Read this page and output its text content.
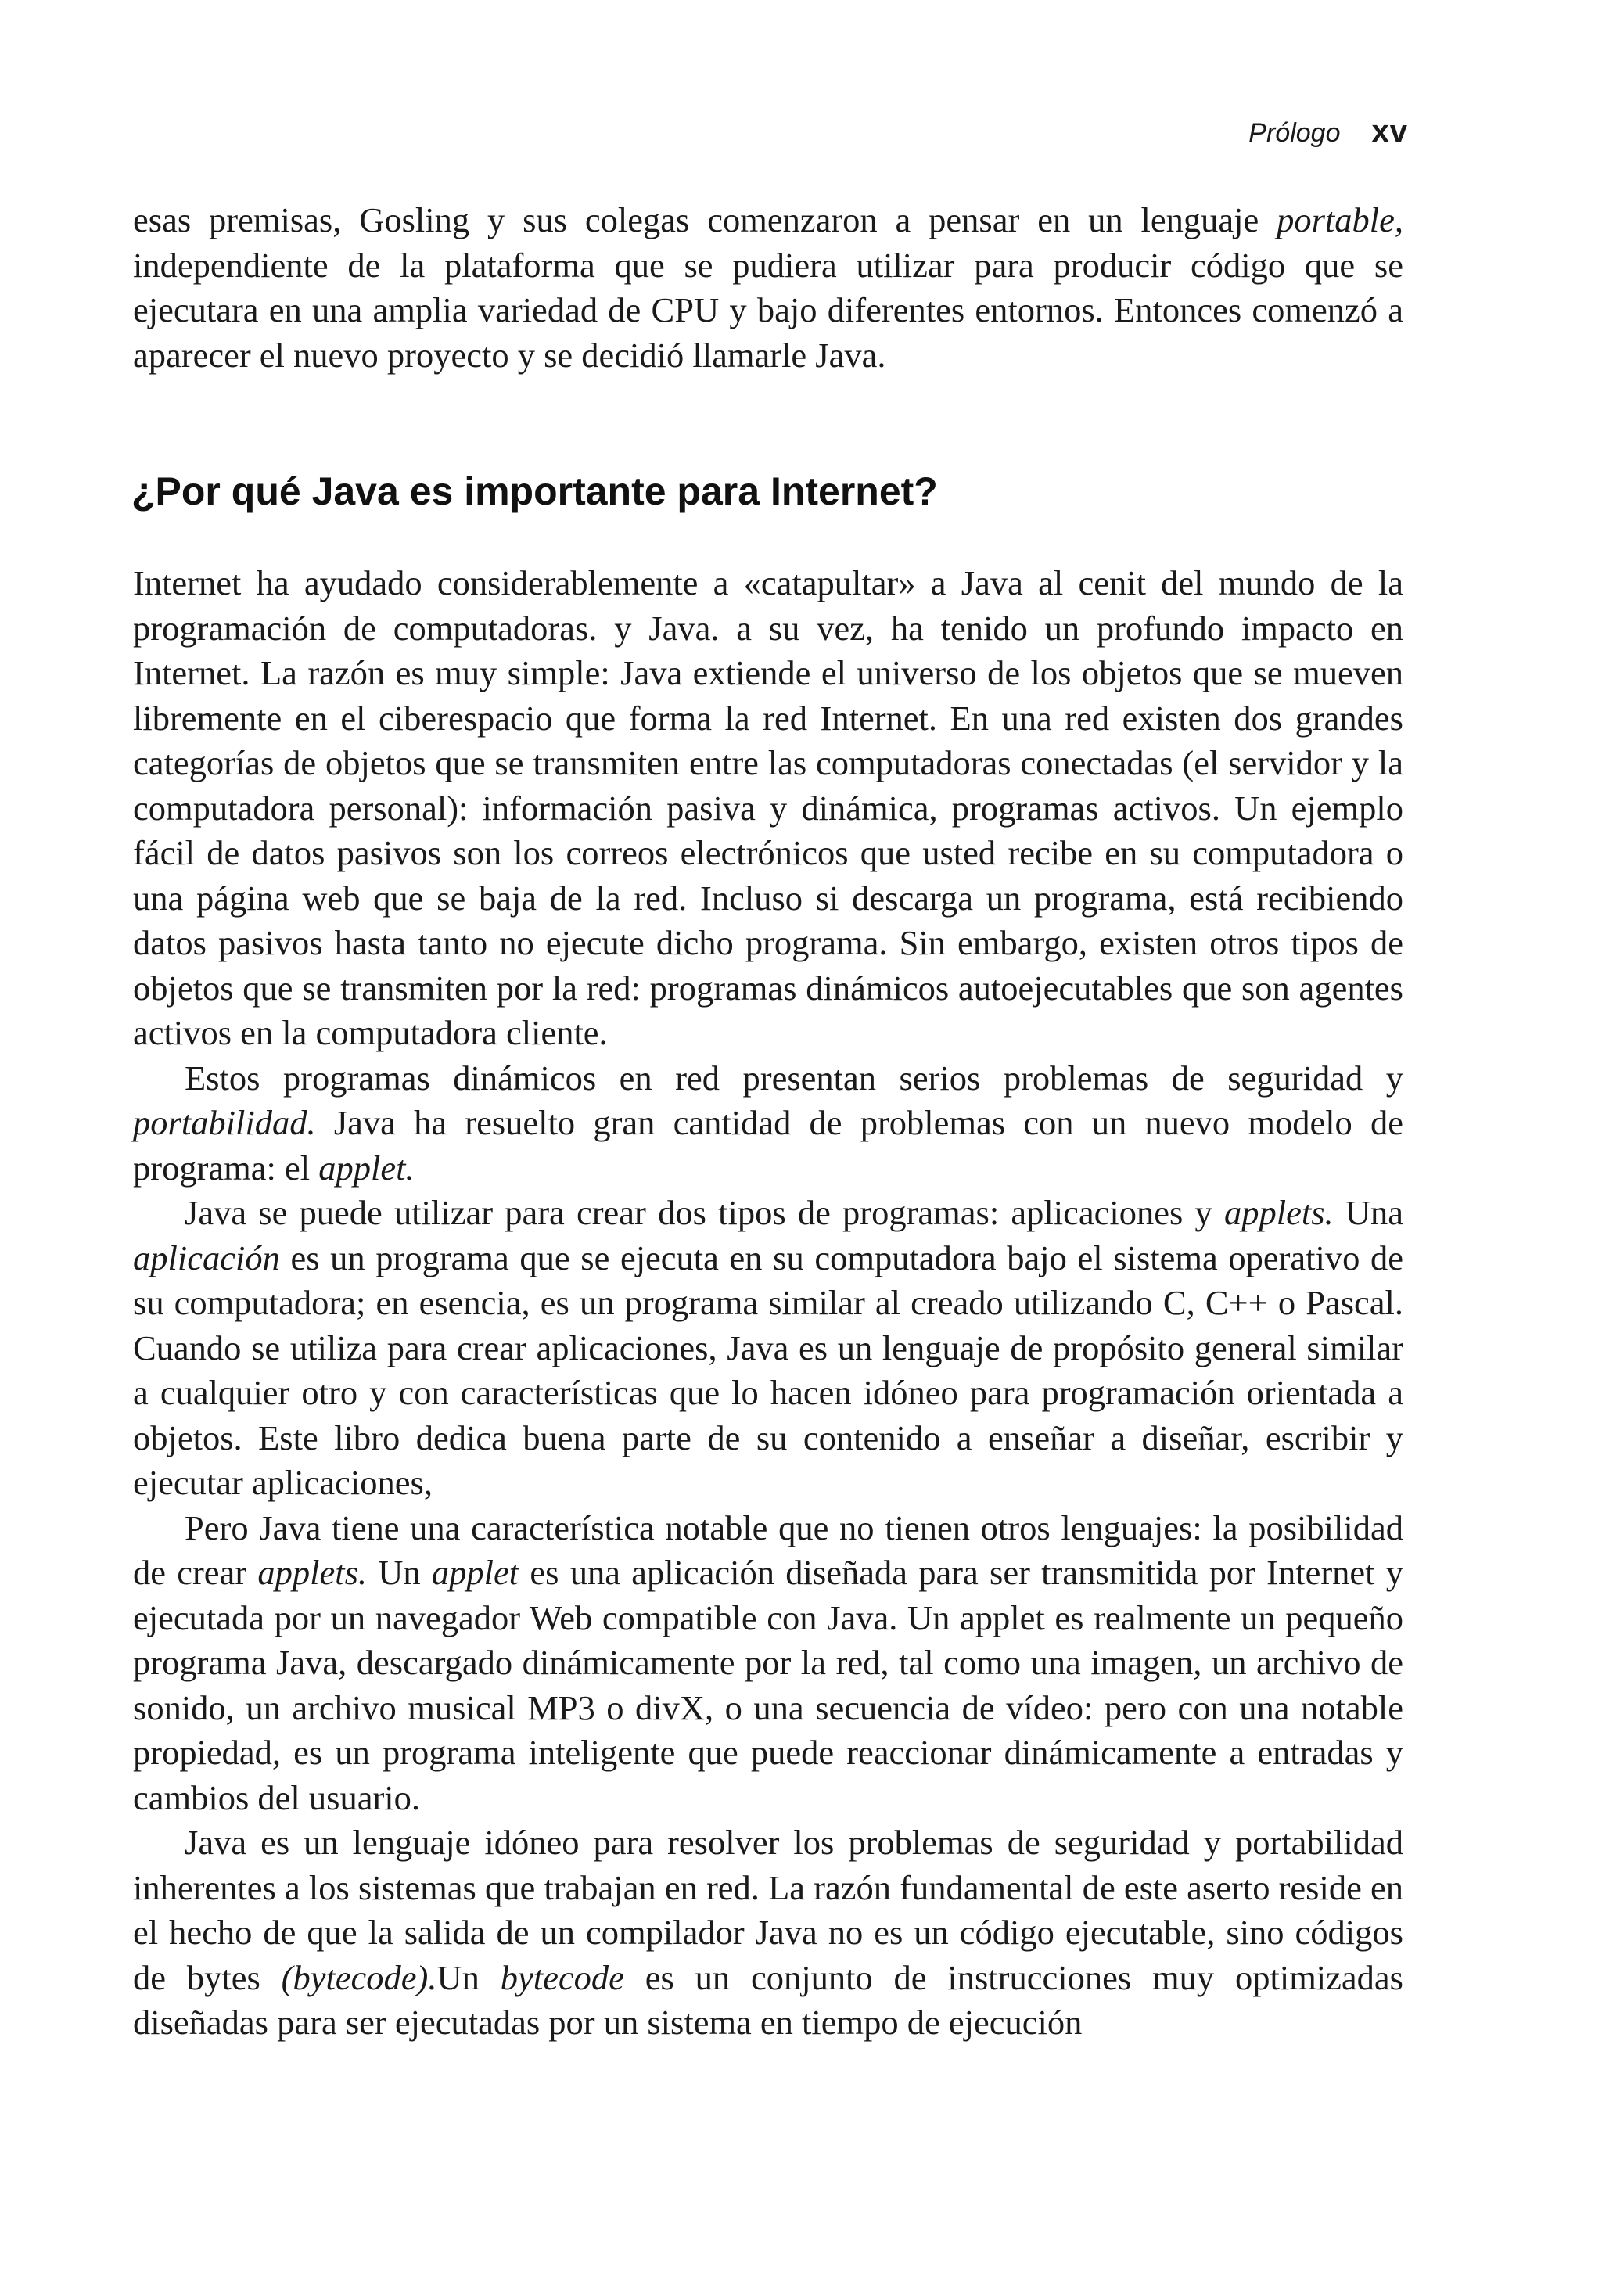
Prólogo xv

esas premisas, Gosling y sus colegas comenzaron a pensar en un lenguaje portable, independiente de la plataforma que se pudiera utilizar para producir código que se ejecutara en una amplia variedad de CPU y bajo diferentes entornos. Entonces comenzó a aparecer el nuevo proyecto y se decidió llamarle Java.

¿Por qué Java es importante para Internet?

Internet ha ayudado considerablemente a «catapultar» a Java al cenit del mundo de la programación de computadoras. y Java. a su vez, ha tenido un profundo impacto en Internet. La razón es muy simple: Java extiende el universo de los objetos que se mueven libremente en el ciberespacio que forma la red Internet. En una red existen dos grandes categorías de objetos que se transmiten entre las computadoras conectadas (el servidor y la computadora personal): información pasiva y dinámica, programas activos. Un ejemplo fácil de datos pasivos son los correos electrónicos que usted recibe en su computadora o una página web que se baja de la red. Incluso si descarga un programa, está recibiendo datos pasivos hasta tanto no ejecute dicho programa. Sin embargo, existen otros tipos de objetos que se transmiten por la red: programas dinámicos autoejecutables que son agentes activos en la computadora cliente.

Estos programas dinámicos en red presentan serios problemas de seguridad y portabilidad. Java ha resuelto gran cantidad de problemas con un nuevo modelo de programa: el applet.

Java se puede utilizar para crear dos tipos de programas: aplicaciones y applets. Una aplicación es un programa que se ejecuta en su computadora bajo el sistema operativo de su computadora; en esencia, es un programa similar al creado utilizando C, C++ o Pascal. Cuando se utiliza para crear aplicaciones, Java es un lenguaje de propósito general similar a cualquier otro y con características que lo hacen idóneo para programación orientada a objetos. Este libro dedica buena parte de su contenido a enseñar a diseñar, escribir y ejecutar aplicaciones,

Pero Java tiene una característica notable que no tienen otros lenguajes: la posibilidad de crear applets. Un applet es una aplicación diseñada para ser transmitida por Internet y ejecutada por un navegador Web compatible con Java. Un applet es realmente un pequeño programa Java, descargado dinámicamente por la red, tal como una imagen, un archivo de sonido, un archivo musical MP3 o divX, o una secuencia de vídeo: pero con una notable propiedad, es un programa inteligente que puede reaccionar dinámicamente a entradas y cambios del usuario.

Java es un lenguaje idóneo para resolver los problemas de seguridad y portabilidad inherentes a los sistemas que trabajan en red. La razón fundamental de este aserto reside en el hecho de que la salida de un compilador Java no es un código ejecutable, sino códigos de bytes (bytecode).Un bytecode es un conjunto de instrucciones muy optimizadas diseñadas para ser ejecutadas por un sistema en tiempo de ejecución
